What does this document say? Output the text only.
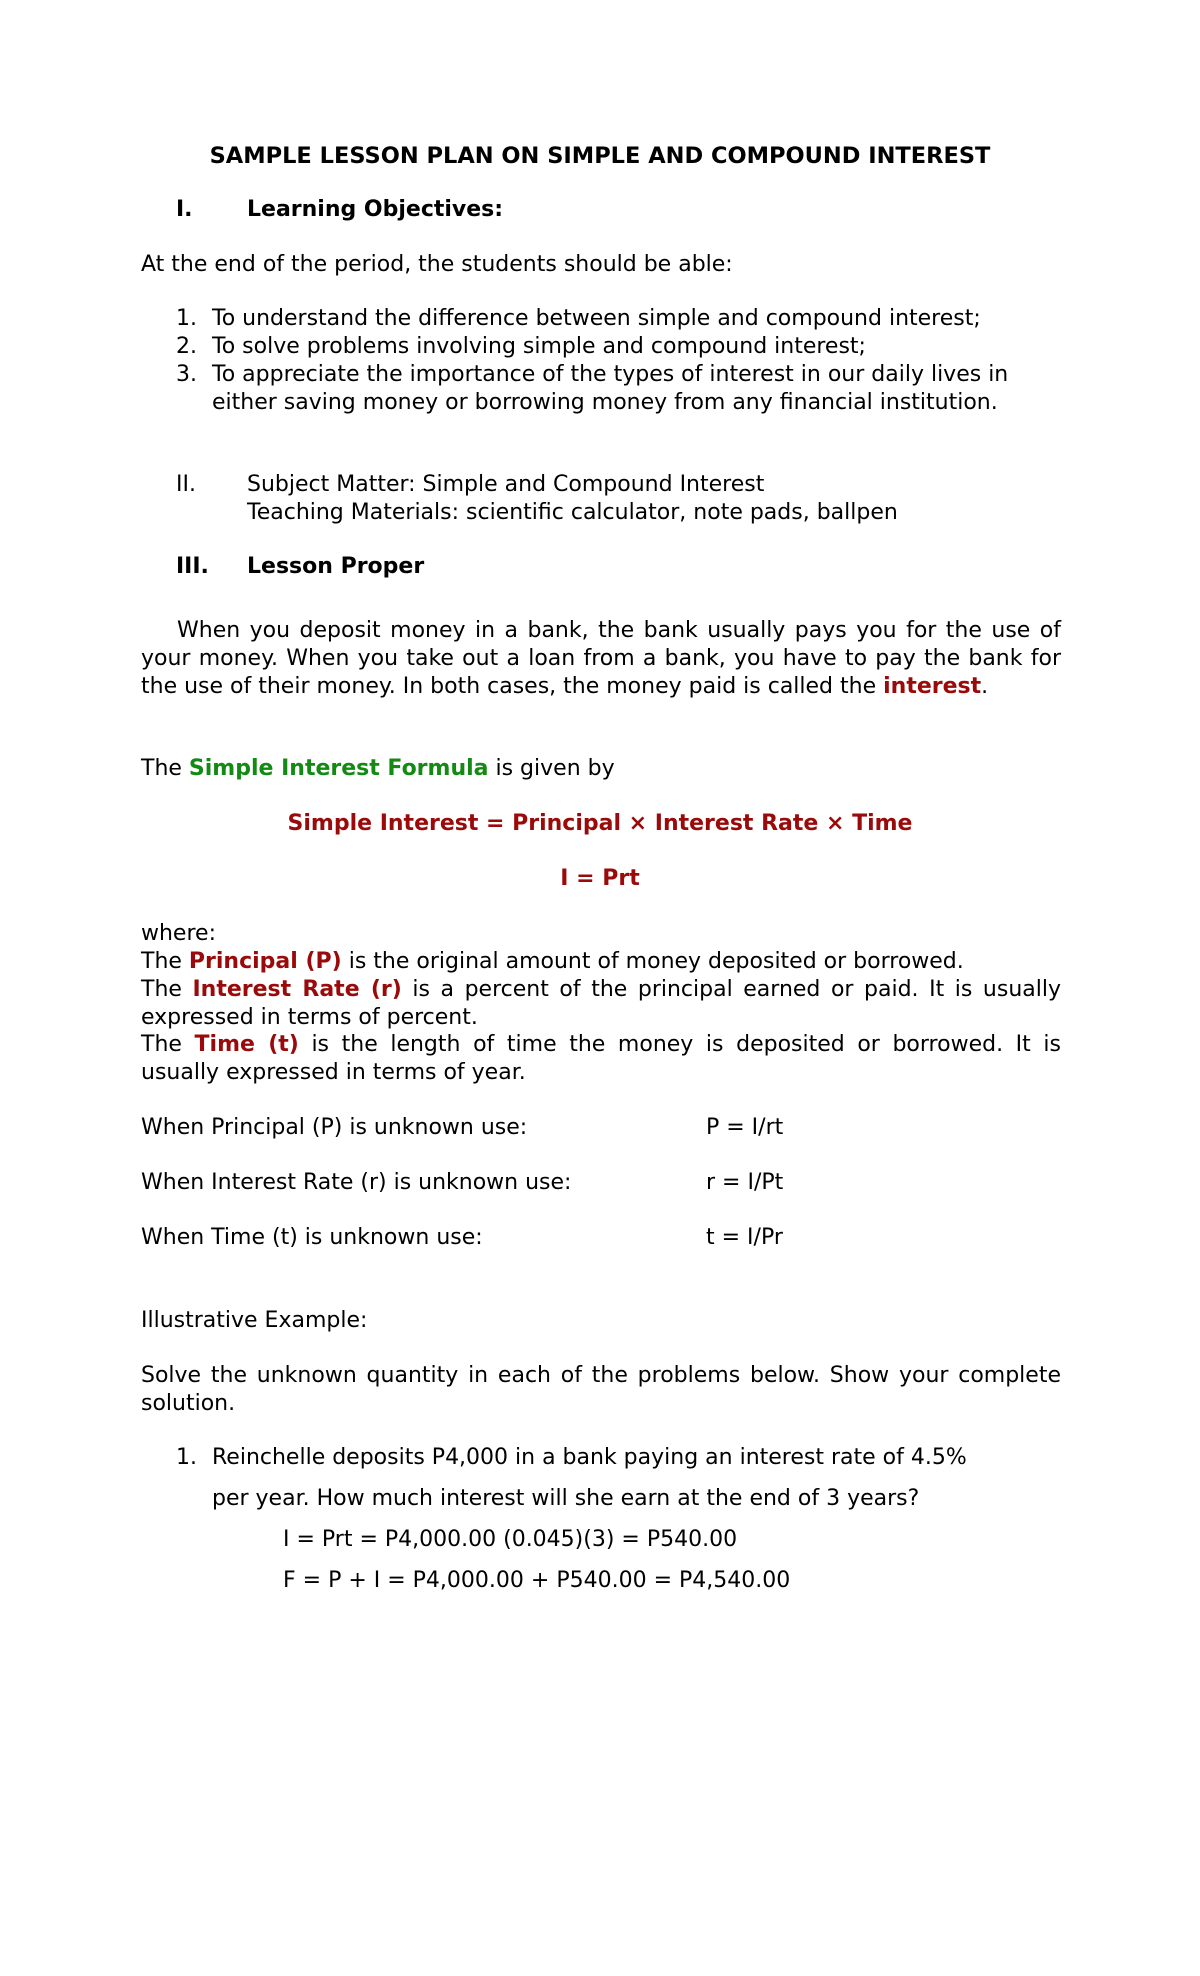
SAMPLE LESSON PLAN ON SIMPLE AND COMPOUND INTEREST
I. Learning Objectives:

At the end of the period, the students should be able:

1. To understand the difference between simple and compound interest;
2. To solve problems involving simple and compound interest;
3. To appreciate the importance of the types of interest in our daily lives in either saving money or borrowing money from any financial institution.
II. Subject Matter: Simple and Compound Interest
Teaching Materials: scientific calculator, note pads, ballpen
III. Lesson Proper

When you deposit money in a bank, the bank usually pays you for the use of your money. When you take out a loan from a bank, you have to pay the bank for the use of their money. In both cases, the money paid is called the interest.

The Simple Interest Formula is given by

Simple Interest = Principal × Interest Rate × Time
I = Prt

where:

The Principal (P) is the original amount of money deposited or borrowed.

The Interest Rate (r) is a percent of the principal earned or paid. It is usually expressed in terms of percent.

The Time (t) is the length of time the money is deposited or borrowed. It is usually expressed in terms of year.

When Principal (P) is unknown use:	P = I/rt
When Interest Rate (r) is unknown use:	r = I/Pt
When Time (t) is unknown use:	t = I/Pr

Illustrative Example:

Solve the unknown quantity in each of the problems below. Show your complete solution.

1. Reinchelle deposits P4,000 in a bank paying an interest rate of 4.5%
per year. How much interest will she earn at the end of 3 years?
I = Prt = P4,000.00 (0.045)(3) = P540.00
F = P + I = P4,000.00 + P540.00 = P4,540.00
